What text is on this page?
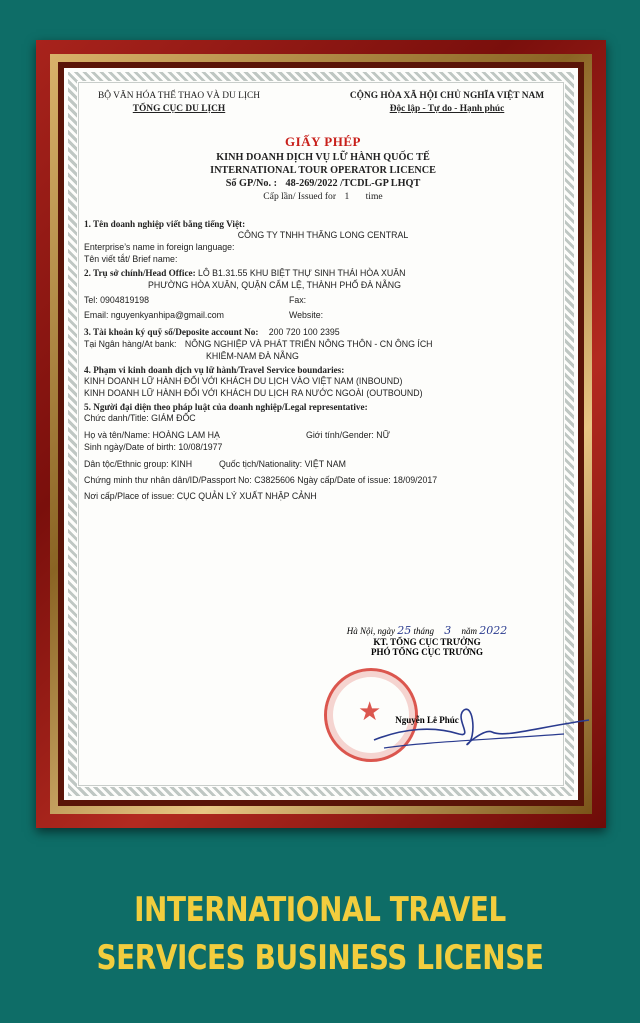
BỘ VĂN HÓA THỂ THAO VÀ DU LỊCH
TỔNG CỤC DU LỊCH
CỘNG HÒA XÃ HỘI CHỦ NGHĨA VIỆT NAM
Độc lập - Tự do - Hạnh phúc
GIẤY PHÉP
KINH DOANH DỊCH VỤ LỮ HÀNH QUỐC TẾ
INTERNATIONAL TOUR OPERATOR LICENCE
Số GP/No. : 48-269/2022 /TCDL-GP LHQT
Cấp lần/ Issued for 1 time
1. Tên doanh nghiệp viết bằng tiếng Việt:
CÔNG TY TNHH THĂNG LONG CENTRAL
Enterprise’s name in foreign language:
Tên viết tắt/ Brief name:
2. Trụ sở chính/Head Office: LÔ B1.31.55 KHU BIỆT THỰ SINH THÁI HÒA XUÂN
PHƯỜNG HÒA XUÂN, QUẬN CẨM LỆ, THÀNH PHỐ ĐÀ NẴNG
Tel: 0904819198	Fax:
Email: nguyenkyanhipa@gmail.com	Website:
3. Tài khoản ký quỹ số/Deposite account No: 200 720 100 2395
Tại Ngân hàng/At bank: NÔNG NGHIỆP VÀ PHÁT TRIỂN NÔNG THÔN - CN ÔNG ÍCH
KHIÊM-NAM ĐÀ NẴNG
4. Phạm vi kinh doanh dịch vụ lữ hành/Travel Service boundaries:
KINH DOANH LỮ HÀNH ĐỐI VỚI KHÁCH DU LỊCH VÀO VIỆT NAM (INBOUND)
KINH DOANH LỮ HÀNH ĐỐI VỚI KHÁCH DU LỊCH RA NƯỚC NGOÀI (OUTBOUND)
5. Người đại diện theo pháp luật của doanh nghiệp/Legal representative:
Chức danh/Title: GIÁM ĐỐC
Họ và tên/Name: HOÀNG LAM HẠ	Giới tính/Gender: NỮ
Sinh ngày/Date of birth: 10/08/1977
Dân tộc/Ethnic group: KINH	Quốc tịch/Nationality: VIỆT NAM
Chứng minh thư nhân dân/ID/Passport No: C3825606 Ngày cấp/Date of issue: 18/09/2017
Nơi cấp/Place of issue: CỤC QUẢN LÝ XUẤT NHẬP CẢNH
★
Hà Nội, ngày 25 tháng 3 năm 2022
KT. TỔNG CỤC TRƯỞNG
PHÓ TỔNG CỤC TRƯỞNG
Nguyễn Lê Phúc
INTERNATIONAL TRAVEL
SERVICES BUSINESS LICENSE
